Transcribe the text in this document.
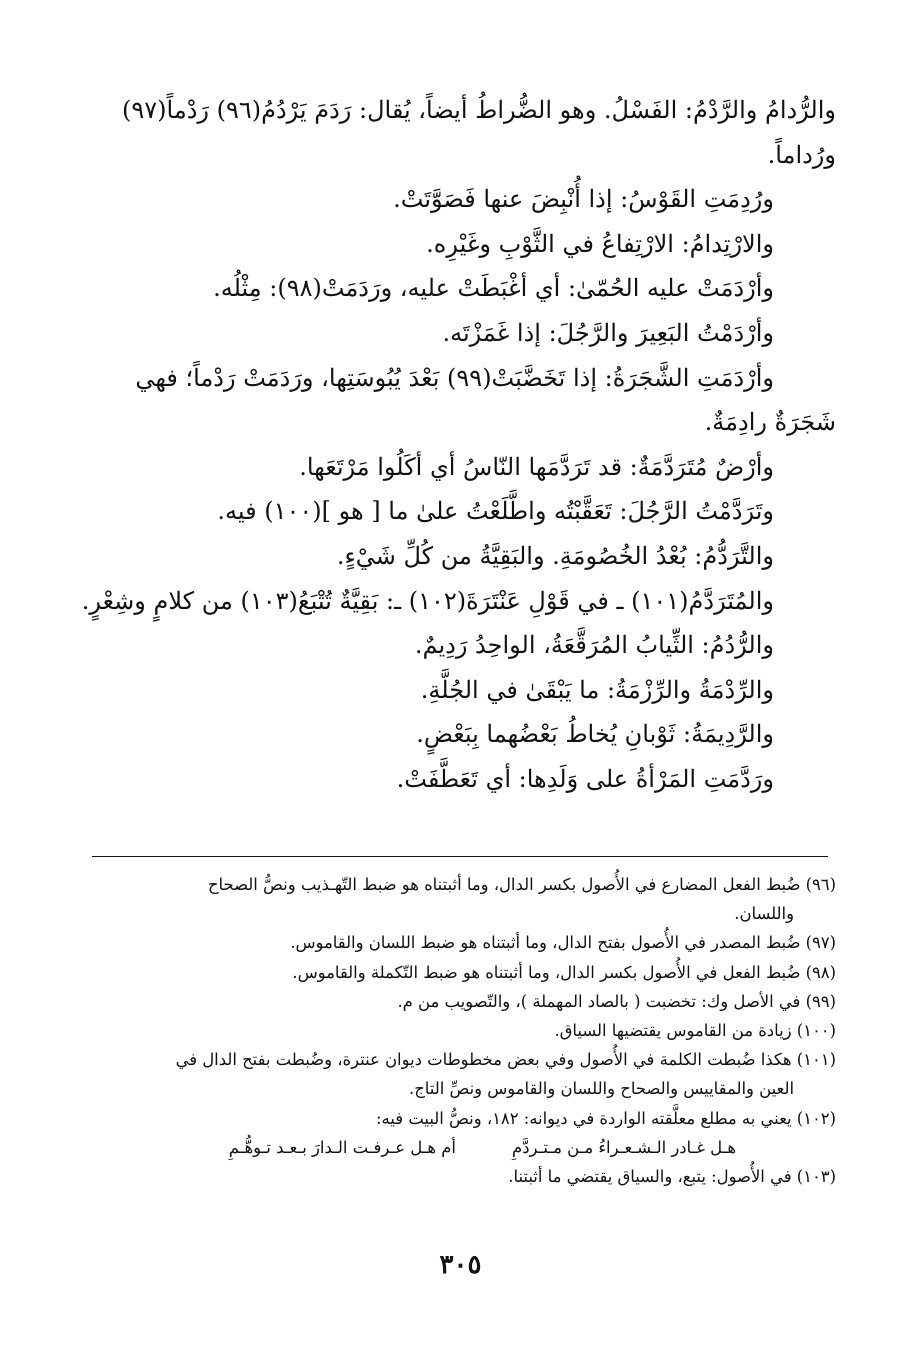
والرُّدامُ والرَّدْمُ: الفَسْلُ. وهو الضُّراطُ أيضاً، يُقال: رَدَمَ يَرْدُمُ(٩٦) رَدْماً(٩٧)
ورُداماً.
ورُدِمَتِ القَوْسُ: إذا أُنْبِضَ عنها فَصَوَّتَتْ.
والارْتِدامُ: الارْتِفاعُ في الثَّوْبِ وغَيْرِه.
وأرْدَمَتْ عليه الحُمّىٰ: أي أغْبَطَتْ عليه، ورَدَمَتْ(٩٨): مِثْلُه.
وأرْدَمْتُ البَعِيرَ والرَّجُلَ: إذا غَمَزْتَه.
وأرْدَمَتِ الشَّجَرَةُ: إذا تَخَضَّبَتْ(٩٩) بَعْدَ يُبُوسَتِها، ورَدَمَتْ رَدْماً؛ فهي
شَجَرَةٌ رادِمَةٌ.
وأرْضٌ مُتَرَدَّمَةٌ: قد تَرَدَّمَها النّاسُ أي أكَلُوا مَرْتَعَها.
وتَرَدَّمْتُ الرَّجُلَ: تَعَقَّبْتُه واطَّلَعْتُ علىٰ ما [ هو ](١٠٠) فيه.
والتَّرَدُّمُ: بُعْدُ الخُصُومَةِ. والبَقِيَّةُ من كُلِّ شَيْءٍ.
والمُتَرَدَّمُ(١٠١) ـ في قَوْلِ عَنْتَرَةَ(١٠٢) ـ: بَقِيَّةٌ تُتْبَعُ(١٠٣) من كلامٍ وشِعْرٍ.
والرُّدُمُ: الثِّيابُ المُرَقَّعَةُ، الواحِدُ رَدِيمٌ.
والرِّدْمَةُ والرِّزْمَةُ: ما يَبْقَىٰ في الجُلَّةِ.
والرَّدِيمَةُ: ثَوْبانِ يُخاطُ بَعْضُهما بِبَعْضٍ.
ورَدَّمَتِ المَرْأةُ على وَلَدِها: أي تَعَطَّفَتْ.
(٩٦) ضُبط الفعل المضارع في الأُصول بكسر الدال، وما أثبتناه هو ضبط التّهـذيب ونصُّ الصحاح
واللسان.
(٩٧) ضُبط المصدر في الأُصول بفتح الدال، وما أثبتناه هو ضبط اللسان والقاموس.
(٩٨) ضُبط الفعل في الأُصول بكسر الدال، وما أثبتناه هو ضبط التّكملة والقاموس.
(٩٩) في الأصل وك: تخضبت ( بالصاد المهملة )، والتّصويب من م.
(١٠٠) زيادة من القاموس يقتضيها السياق.
(١٠١) هكذا ضُبطت الكلمة في الأُصول وفي بعض مخطوطات ديوان عنترة، وضُبطت بفتح الدال في
العين والمقاييس والصحاح واللسان والقاموس ونصِّ التاج.
(١٠٢) يعني به مطلع معلَّقته الواردة في ديوانه: ١٨٢، ونصُّ البيت فيه:
هـل غـادر الـشـعـراءُ مـن مـتـردَّمِ
أم هـل عـرفـت الـدارَ بـعـد تـوهُّـمِ
(١٠٣) في الأُصول: يتبع، والسياق يقتضي ما أثبتنا.
٣٠٥
